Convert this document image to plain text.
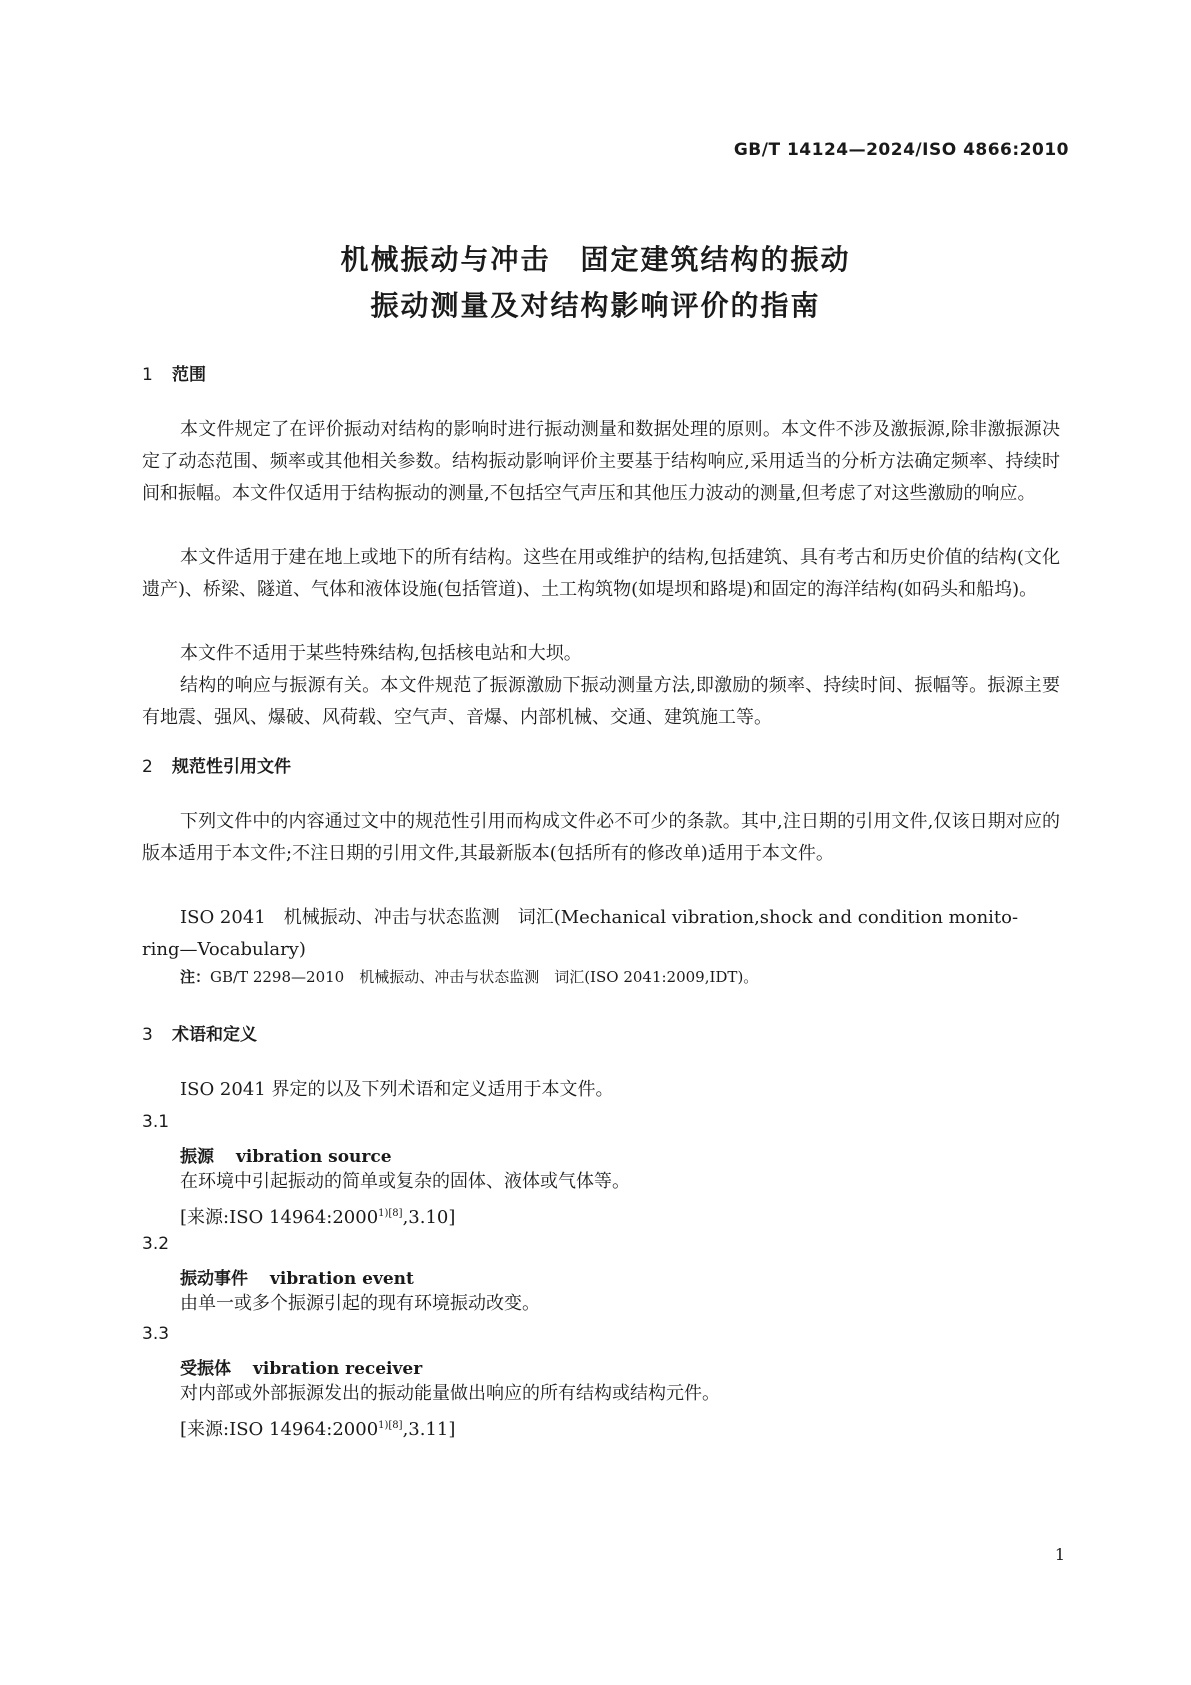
GB/T 14124—2024/ISO 4866:2010
机械振动与冲击　固定建筑结构的振动
振动测量及对结构影响评价的指南
1 范围
本文件规定了在评价振动对结构的影响时进行振动测量和数据处理的原则。本文件不涉及激振源,除非激振源决定了动态范围、频率或其他相关参数。结构振动影响评价主要基于结构响应,采用适当的分析方法确定频率、持续时间和振幅。本文件仅适用于结构振动的测量,不包括空气声压和其他压力波动的测量,但考虑了对这些激励的响应。
本文件适用于建在地上或地下的所有结构。这些在用或维护的结构,包括建筑、具有考古和历史价值的结构(文化遗产)、桥梁、隧道、气体和液体设施(包括管道)、土工构筑物(如堤坝和路堤)和固定的海洋结构(如码头和船坞)。
本文件不适用于某些特殊结构,包括核电站和大坝。
结构的响应与振源有关。本文件规范了振源激励下振动测量方法,即激励的频率、持续时间、振幅等。振源主要有地震、强风、爆破、风荷载、空气声、音爆、内部机械、交通、建筑施工等。
2 规范性引用文件
下列文件中的内容通过文中的规范性引用而构成文件必不可少的条款。其中,注日期的引用文件,仅该日期对应的版本适用于本文件;不注日期的引用文件,其最新版本(包括所有的修改单)适用于本文件。
ISO 2041　机械振动、冲击与状态监测　词汇(Mechanical vibration,shock and condition monito-
ring—Vocabulary)
注：GB/T 2298—2010　机械振动、冲击与状态监测　词汇(ISO 2041:2009,IDT)。
3 术语和定义
ISO 2041 界定的以及下列术语和定义适用于本文件。
3.1
振源 vibration source
在环境中引起振动的简单或复杂的固体、液体或气体等。
[来源:ISO $14964:2000^{1)[8]},3.10$]
3.2
振动事件 vibration event
由单一或多个振源引起的现有环境振动改变。
3.3
受振体 vibration receiver
对内部或外部振源发出的振动能量做出响应的所有结构或结构元件。
[来源:ISO $14964:2000^{1)[8]},3.11$]
1
